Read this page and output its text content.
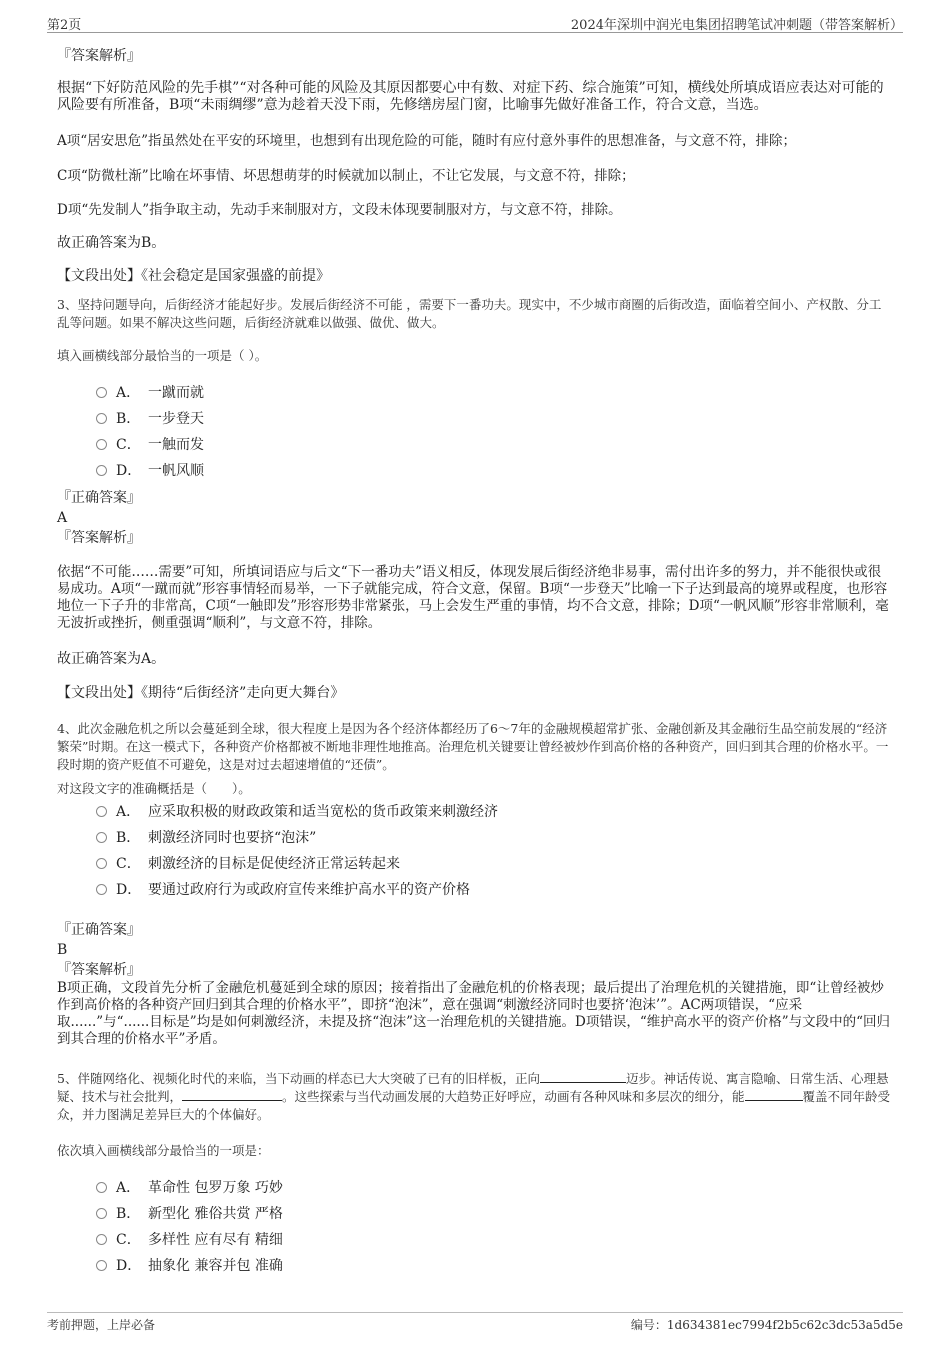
第2页	2024年深圳中润光电集团招聘笔试冲刺题（带答案解析）
『答案解析』

根据“下好防范风险的先手棋”“对各种可能的风险及其原因都要心中有数、对症下药、综合施策”可知，横线处所填成语应表达对可能的风险要有所准备，B项“未雨绸缪”意为趁着天没下雨，先修缮房屋门窗，比喻事先做好准备工作，符合文意，当选。

A项“居安思危”指虽然处在平安的环境里，也想到有出现危险的可能，随时有应付意外事件的思想准备，与文意不符，排除；

C项“防微杜渐”比喻在坏事情、坏思想萌芽的时候就加以制止，不让它发展，与文意不符，排除；

D项“先发制人”指争取主动，先动手来制服对方，文段未体现要制服对方，与文意不符，排除。

故正确答案为B。

【文段出处】《社会稳定是国家强盛的前提》

3、坚持问题导向，后街经济才能起好步。发展后街经济不可能 ，需要下一番功夫。现实中，不少城市商圈的后街改造，面临着空间小、产权散、分工乱等问题。如果不解决这些问题，后街经济就难以做强、做优、做大。

填入画横线部分最恰当的一项是（ ）。

A． 一蹴而就
B． 一步登天
C． 一触而发
D． 一帆风顺
『正确答案』
A
『答案解析』

依据“不可能……需要”可知，所填词语应与后文“下一番功夫”语义相反，体现发展后街经济绝非易事，需付出许多的努力，并不能很快或很易成功。A项“一蹴而就”形容事情轻而易举，一下子就能完成，符合文意，保留。B项“一步登天”比喻一下子达到最高的境界或程度，也形容地位一下子升的非常高，C项“一触即发”形容形势非常紧张，马上会发生严重的事情，均不合文意，排除；D项“一帆风顺”形容非常顺利，毫无波折或挫折，侧重强调“顺利”，与文意不符，排除。

故正确答案为A。

【文段出处】《期待“后街经济”走向更大舞台》

4、此次金融危机之所以会蔓延到全球，很大程度上是因为各个经济体都经历了6～7年的金融规模超常扩张、金融创新及其金融衍生品空前发展的“经济繁荣”时期。在这一模式下，各种资产价格都被不断地非理性地推高。治理危机关键要让曾经被炒作到高价格的各种资产，回归到其合理的价格水平。一段时期的资产贬值不可避免，这是对过去超速增值的“还债”。

对这段文字的准确概括是（　　）。

A． 应采取积极的财政政策和适当宽松的货币政策来刺激经济
B． 刺激经济同时也要挤“泡沫”
C． 刺激经济的目标是促使经济正常运转起来
D． 要通过政府行为或政府宣传来维护高水平的资产价格
『正确答案』
B
『答案解析』

B项正确，文段首先分析了金融危机蔓延到全球的原因；接着指出了金融危机的价格表现；最后提出了治理危机的关键措施，即“让曾经被炒作到高价格的各种资产回归到其合理的价格水平”，即挤“泡沫”，意在强调“刺激经济同时也要挤‘泡沫’”。AC两项错误，“应采取......”与“......目标是”均是如何刺激经济，未提及挤“泡沫”这一治理危机的关键措施。D项错误，“维护高水平的资产价格”与文段中的“回归到其合理的价格水平”矛盾。

5、伴随网络化、视频化时代的来临，当下动画的样态已大大突破了已有的旧样板，正向	迈步。神话传说、寓言隐喻、日常生活、心理悬疑、技术与社会批判，	。这些探索与当代动画发展的大趋势正好呼应，动画有各种风味和多层次的细分，能	覆盖不同年龄受众，并力图满足差异巨大的个体偏好。

依次填入画横线部分最恰当的一项是：

A． 革命性 包罗万象 巧妙
B． 新型化 雅俗共赏 严格
C． 多样性 应有尽有 精细
D． 抽象化 兼容并包 准确
考前押题，上岸必备	编号：1d634381ec7994f2b5c62c3dc53a5d5e
